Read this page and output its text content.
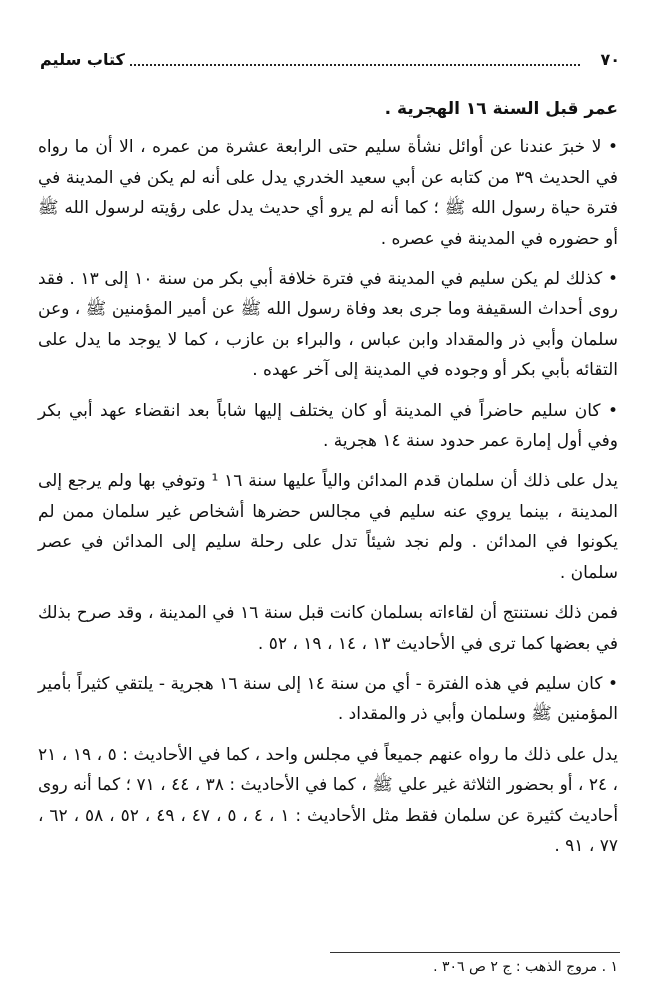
كتاب سليم	٧٠

عمر قبل السنة ١٦ الهجرية .

• لا خبرَ عندنا عن أوائل نشأة سليم حتى الرابعة عشرة من عمره ، الا أن ما رواه في الحديث ٣٩ من كتابه عن أبي سعيد الخدري يدل على أنه لم يكن في المدينة في فترة حياة رسول الله ﷺ ؛ كما أنه لم يرو أي حديث يدل على رؤيته لرسول الله ﷺ أو حضوره في المدينة في عصره .

• كذلك لم يكن سليم في المدينة في فترة خلافة أبي بكر من سنة ١٠ إلى ١٣ . فقد روى أحداث السقيفة وما جرى بعد وفاة رسول الله ﷺ عن أمير المؤمنين ﷺ ، وعن سلمان وأبي ذر والمقداد وابن عباس ، والبراء بن عازب ، كما لا يوجد ما يدل على التقائه بأبي بكر أو وجوده في المدينة إلى آخر عهده .

• كان سليم حاضراً في المدينة أو كان يختلف إليها شاباً بعد انقضاء عهد أبي بكر وفي أول إمارة عمر حدود سنة ١٤ هجرية .

يدل على ذلك أن سلمان قدم المدائن والياً عليها سنة ١٦ ¹ وتوفي بها ولم يرجع إلى المدينة ، بينما يروي عنه سليم في مجالس حضرها أشخاص غير سلمان ممن لم يكونوا في المدائن . ولم نجد شيئاً تدل على رحلة سليم إلى المدائن في عصر سلمان .

فمن ذلك نستنتج أن لقاءاته بسلمان كانت قبل سنة ١٦ في المدينة ، وقد صرح بذلك في بعضها كما ترى في الأحاديث ١٣ ، ١٤ ، ١٩ ، ٥٢ .

• كان سليم في هذه الفترة - أي من سنة ١٤ إلى سنة ١٦ هجرية - يلتقي كثيراً بأمير المؤمنين ﷺ وسلمان وأبي ذر والمقداد .

يدل على ذلك ما رواه عنهم جميعاً في مجلس واحد ، كما في الأحاديث : ٥ ، ١٩ ، ٢١ ، ٢٤ ، أو بحضور الثلاثة غير علي ﷺ ، كما في الأحاديث : ٣٨ ، ٤٤ ، ٧١ ؛ كما أنه روى أحاديث كثيرة عن سلمان فقط مثل الأحاديث : ١ ، ٤ ، ٥ ، ٤٧ ، ٤٩ ، ٥٢ ، ٥٨ ، ٦٢ ، ٧٧ ، ٩١ .

١ . مروج الذهب : ج ٢ ص ٣٠٦ .
